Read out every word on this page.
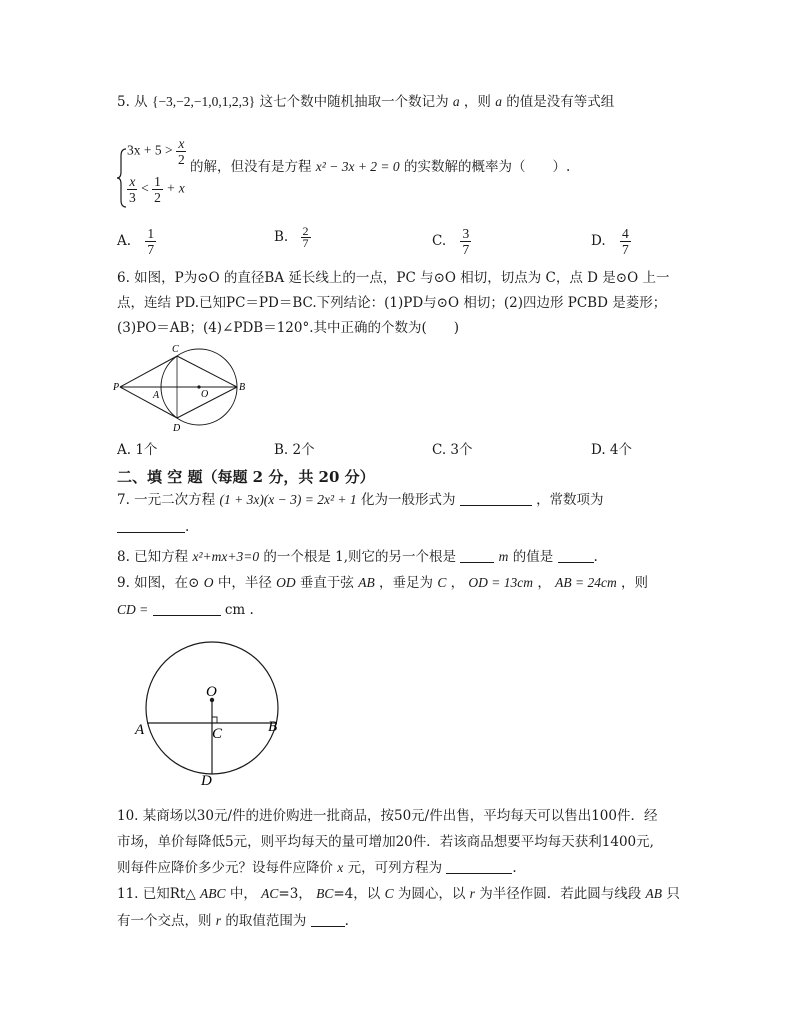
5. 从 {−3,−2,−1,0,1,2,3} 这七个数中随机抽取一个数记为 a ，则 a 的值是没有等式组
$3x + 5 > \frac{x}{2}$
$\frac{x}{3} < \frac{1}{2} + x$
的解，但没有是方程 x² − 3x + 2 = 0 的实数解的概率为（　　）.
A. $\frac{1}{7}$	B. $\frac{2}{7}$	C. $\frac{3}{7}$	D. $\frac{4}{7}$
6. 如图，P为⊙O 的直径BA 延长线上的一点，PC 与⊙O 相切，切点为 C，点 D 是⊙O 上一
点，连结 PD.已知PC＝PD＝BC.下列结论：(1)PD与⊙O 相切；(2)四边形 PCBD 是菱形；
(3)PO＝AB；(4)∠PDB＝120°.其中正确的个数为(　　)
P
A	O
B
C
D
A. 1个	B. 2个	C. 3个	D. 4个
二、填 空 题（每题 2 分，共 20 分）
7. 一元二次方程 (1 + 3x)(x − 3) = 2x² + 1 化为一般形式为	，常数项为
.
8. 已知方程 x²+mx+3=0 的一个根是 1,则它的另一个根是	m 的值是	.
9. 如图，在⊙ O 中，半径 OD 垂直于弦 AB ，垂足为 C ， OD = 13cm ， AB = 24cm ，则
CD =	cm .
O
A	B
C
D
10. 某商场以30元/件的进价购进一批商品，按50元/件出售，平均每天可以售出100件．经
市场，单价每降低5元，则平均每天的量可增加20件．若该商品想要平均每天获利1400元,
则每件应降价多少元？设每件应降价 x 元，可列方程为	.
11. 已知Rt△ ABC 中， AC=3， BC=4，以 C 为圆心，以 r 为半径作圆．若此圆与线段 AB 只
有一个交点，则 r 的取值范围为	.
